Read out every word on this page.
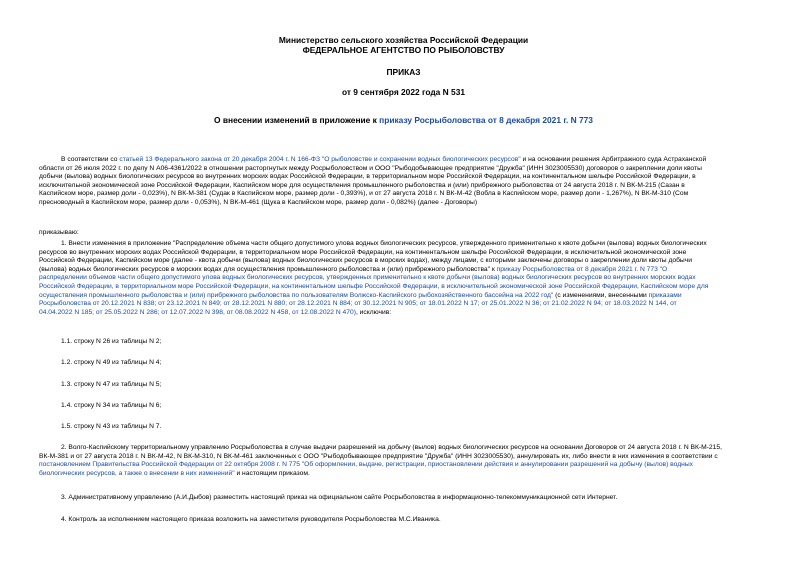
Министерство сельского хозяйства Российской Федерации
ФЕДЕРАЛЬНОЕ АГЕНТСТВО ПО РЫБОЛОВСТВУ
ПРИКАЗ
от 9 сентября 2022 года N 531
О внесении изменений в приложение к приказу Росрыболовства от 8 декабря 2021 г. N 773
В соответствии со статьей 13 Федерального закона от 20 декабря 2004 г. N 166-ФЗ "О рыболовстве и сохранении водных биологических ресурсов" и на основании решения Арбитражного суда Астраханской
области от 26 июля 2022 г. по делу N А06-4361/2022 в отношении расторгнутых между Росрыболовством и ООО "Рыбодобывающее предприятие "Дружба" (ИНН 3023005530) договоров о закреплении доли квоты
добычи (вылова) водных биологических ресурсов во внутренних морских водах Российской Федерации, в территориальном море Российской Федерации, на континентальном шельфе Российской Федерации, в
исключительной экономической зоне Российской Федерации, Каспийском море для осуществления промышленного рыболовства и (или) прибрежного рыболовства от 24 августа 2018 г. N ВК-М-215 (Сазан в
Каспийском море, размер доли - 0,023%), N ВК-М-381 (Судак в Каспийском море, размер доли - 0,393%), и от 27 августа 2018 г. N ВК-М-42 (Вобла в Каспийском море, размер доли - 1,267%), N ВК-М-310 (Сом
пресноводный в Каспийском море, размер доли - 0,053%), N ВК-М-461 (Щука в Каспийском море, размер доли - 0,082%) (далее - Договоры)
приказываю:
1. Внести изменения в приложение "Распределение объема части общего допустимого улова водных биологических ресурсов, утвержденного применительно к квоте добычи (вылова) водных биологических
ресурсов во внутренних морских водах Российской Федерации, в территориальном море Российской Федерации, на континентальном шельфе Российской Федерации, в исключительной экономической зоне
Российской Федерации, Каспийском море (далее - квота добычи (вылова) водных биологических ресурсов в морских водах), между лицами, с которыми заключены договоры о закреплении доли квоты добычи
(вылова) водных биологических ресурсов в морских водах для осуществления промышленного рыболовства и (или) прибрежного рыболовства" к приказу Росрыболовства от 8 декабря 2021 г. N 773 "О
распределении объемов части общего допустимого улова водных биологических ресурсов, утвержденных применительно к квоте добычи (вылова) водных биологических ресурсов во внутренних морских водах
Российской Федерации, в территориальном море Российской Федерации, на континентальном шельфе Российской Федерации, в исключительной экономической зоне Российской Федерации, Каспийском море для
осуществления промышленного рыболовства и (или) прибрежного рыболовства по пользователям Волжско-Каспийского рыбохозяйственного бассейна на 2022 год" (с изменениями, внесенными приказами
Росрыболовства от 20.12.2021 N 838; от 23.12.2021 N 849; от 28.12.2021 N 880; от 28.12.2021 N 884; от 30.12.2021 N 905; от 18.01.2022 N 17; от 25.01.2022 N 36; от 21.02.2022 N 94; от 18.03.2022 N 144, от
04.04.2022 N 185; от 25.05.2022 N 286; от 12.07.2022 N 398, от 08.08.2022 N 458, от 12.08.2022 N 470), исключив:
1.1. строку N 26 из таблицы N 2;
1.2. строку N 49 из таблицы N 4;
1.3. строку N 47 из таблицы N 5;
1.4. строку N 34 из таблицы N 6;
1.5. строку N 43 из таблицы N 7.
2. Волго-Каспийскому территориальному управлению Росрыболовства в случае выдачи разрешений на добычу (вылов) водных биологических ресурсов на основании Договоров от 24 августа 2018 г. N ВК-М-215,
ВК-М-381 и от 27 августа 2018 г. N ВК-М-42, N ВК-М-310, N ВК-М-461 заключенных с ООО "Рыбодобывающее предприятие "Дружба" (ИНН 3023005530), аннулировать их, либо внести в них изменения в соответствии с
постановлением Правительства Российской Федерации от 22 октября 2008 г. N 775 "Об оформлении, выдаче, регистрации, приостановлении действия и аннулировании разрешений на добычу (вылов) водных
биологических ресурсов, а также о внесении в них изменений" и настоящим приказом.
3. Административному управлению (А.И.Дыбов) разместить настоящий приказ на официальном сайте Росрыболовства в информационно-телекоммуникационной сети Интернет.
4. Контроль за исполнением настоящего приказа возложить на заместителя руководителя Росрыболовства М.С.Иваника.
